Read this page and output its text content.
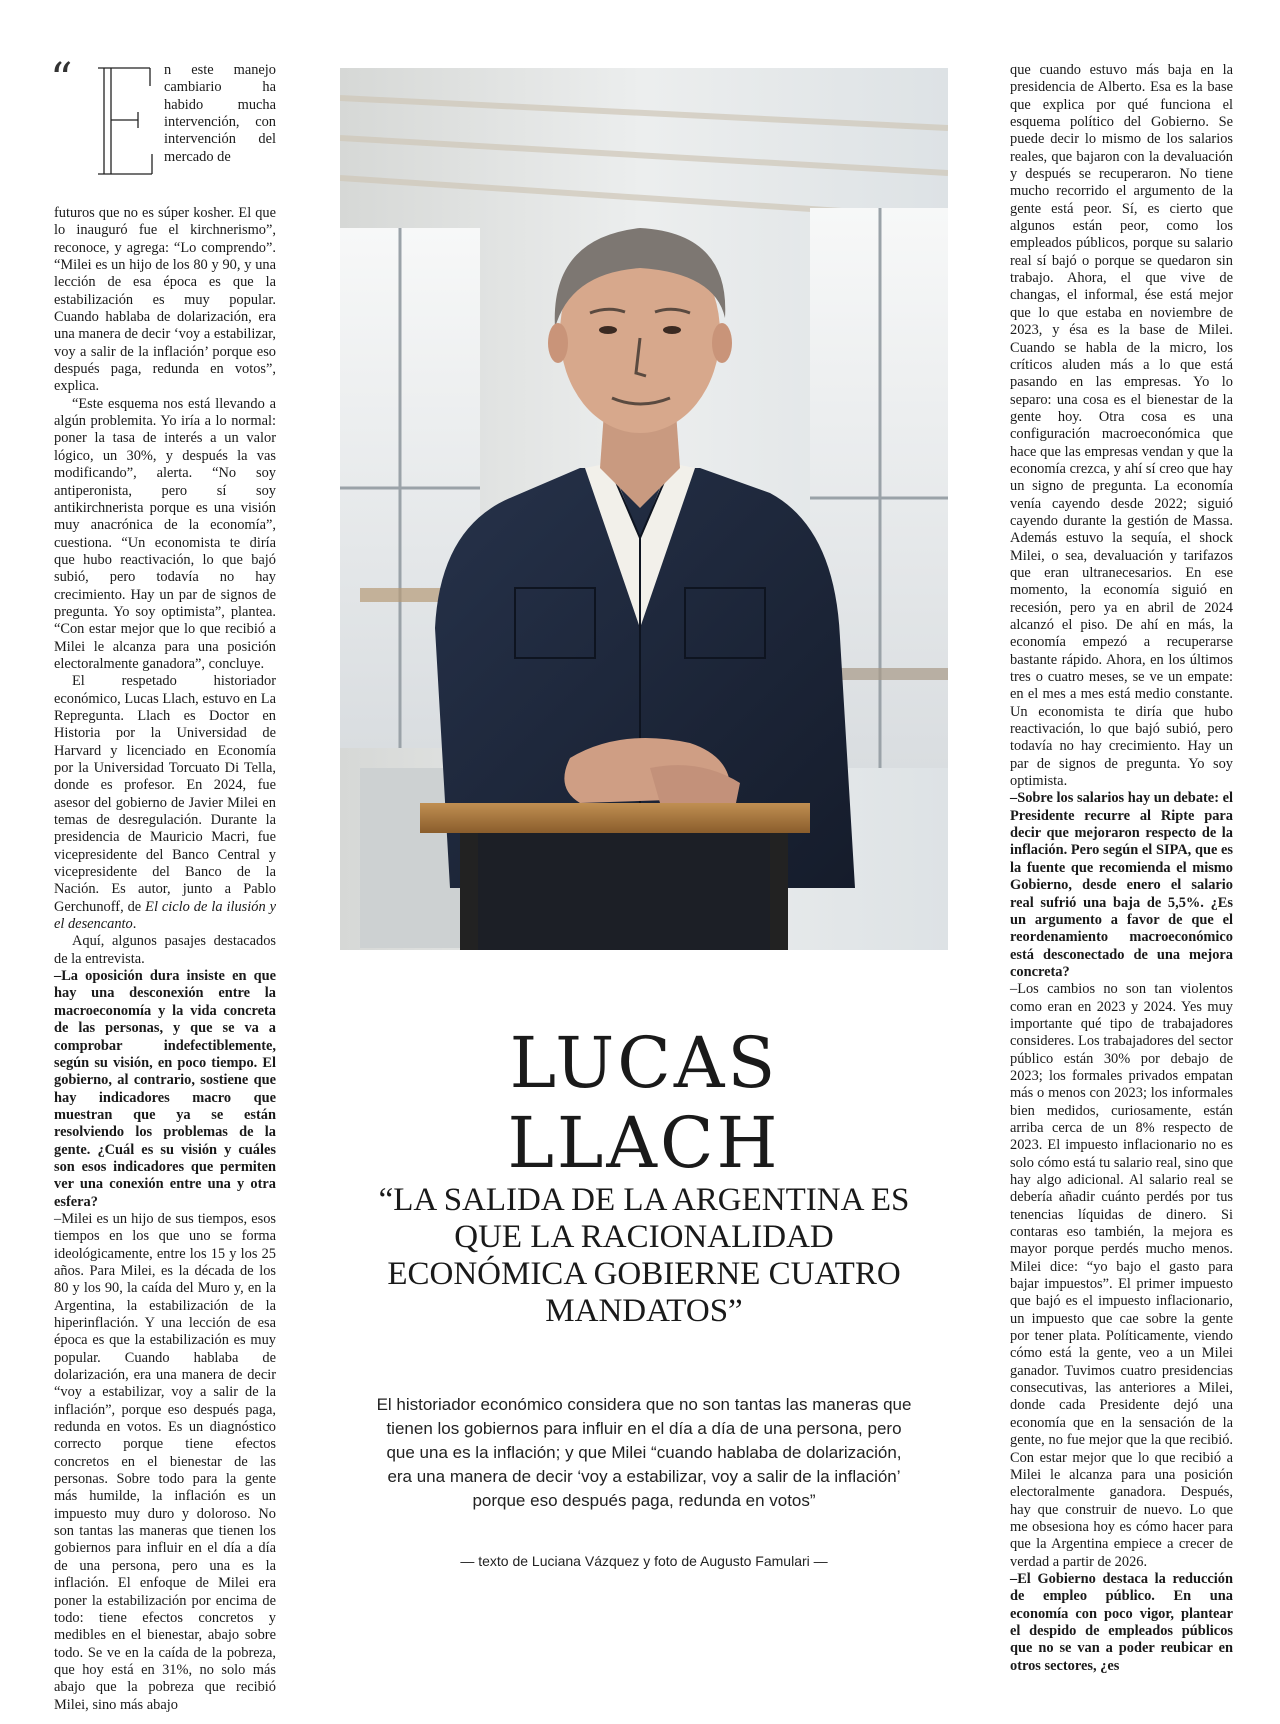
“	E	n este manejo cambiario ha habido mucha intervención, con intervención del mercado de

futuros que no es súper kosher. El que lo inauguró fue el kirchnerismo”, reconoce, y agrega: “Lo comprendo”. “Milei es un hijo de los 80 y 90, y una lección de esa época es que la estabilización es muy popular. Cuando hablaba de dolarización, era una manera de decir ‘voy a estabilizar, voy a salir de la inflación’ porque eso después paga, redunda en votos”, explica.

“Este esquema nos está llevando a algún problemita. Yo iría a lo normal: poner la tasa de interés a un valor lógico, un 30%, y después la vas modificando”, alerta. “No soy antiperonista, pero sí soy antikirchnerista porque es una visión muy anacrónica de la economía”, cuestiona. “Un economista te diría que hubo reactivación, lo que bajó subió, pero todavía no hay crecimiento. Hay un par de signos de pregunta. Yo soy optimista”, plantea. “Con estar mejor que lo que recibió a Milei le alcanza para una posición electoralmente ganadora”, concluye.

El respetado historiador económico, Lucas Llach, estuvo en La Repregunta. Llach es Doctor en Historia por la Universidad de Harvard y licenciado en Economía por la Universidad Torcuato Di Tella, donde es profesor. En 2024, fue asesor del gobierno de Javier Milei en temas de desregulación. Durante la presidencia de Mauricio Macri, fue vicepresidente del Banco Central y vicepresidente del Banco de la Nación. Es autor, junto a Pablo Gerchunoff, de El ciclo de la ilusión y el desencanto.

Aquí, algunos pasajes destacados de la entrevista.

–La oposición dura insiste en que hay una desconexión entre la macroeconomía y la vida concreta de las personas, y que se va a comprobar indefectiblemente, según su visión, en poco tiempo. El gobierno, al contrario, sostiene que hay indicadores macro que muestran que ya se están resolviendo los problemas de la gente. ¿Cuál es su visión y cuáles son esos indicadores que permiten ver una conexión entre una y otra esfera?

–Milei es un hijo de sus tiempos, esos tiempos en los que uno se forma ideológicamente, entre los 15 y los 25 años. Para Milei, es la década de los 80 y los 90, la caída del Muro y, en la Argentina, la estabilización de la hiperinflación. Y una lección de esa época es que la estabilización es muy popular. Cuando hablaba de dolarización, era una manera de decir “voy a estabilizar, voy a salir de la inflación”, porque eso después paga, redunda en votos. Es un diagnóstico correcto porque tiene efectos concretos en el bienestar de las personas. Sobre todo para la gente más humilde, la inflación es un impuesto muy duro y doloroso. No son tantas las maneras que tienen los gobiernos para influir en el día a día de una persona, pero una es la inflación. El enfoque de Milei era poner la estabilización por encima de todo: tiene efectos concretos y medibles en el bienestar, abajo sobre todo. Se ve en la caída de la pobreza, que hoy está en 31%, no solo más abajo que la pobreza que recibió Milei, sino más abajo

LUCAS
LLACH
“LA SALIDA DE LA ARGENTINA ES QUE LA RACIONALIDAD ECONÓMICA GOBIERNE CUATRO MANDATOS”
El historiador económico considera que no son tantas las maneras que tienen los gobiernos para influir en el día a día de una persona, pero que una es la inflación; y que Milei “cuando hablaba de dolarización, era una manera de decir ‘voy a estabilizar, voy a salir de la inflación’ porque eso después paga, redunda en votos”
— texto de Luciana Vázquez y foto de Augusto Famulari —

que cuando estuvo más baja en la presidencia de Alberto. Esa es la base que explica por qué funciona el esquema político del Gobierno. Se puede decir lo mismo de los salarios reales, que bajaron con la devaluación y después se recuperaron. No tiene mucho recorrido el argumento de la gente está peor. Sí, es cierto que algunos están peor, como los empleados públicos, porque su salario real sí bajó o porque se quedaron sin trabajo. Ahora, el que vive de changas, el informal, ése está mejor que lo que estaba en noviembre de 2023, y ésa es la base de Milei. Cuando se habla de la micro, los críticos aluden más a lo que está pasando en las empresas. Yo lo separo: una cosa es el bienestar de la gente hoy. Otra cosa es una configuración macroeconómica que hace que las empresas vendan y que la economía crezca, y ahí sí creo que hay un signo de pregunta. La economía venía cayendo desde 2022; siguió cayendo durante la gestión de Massa. Además estuvo la sequía, el shock Milei, o sea, devaluación y tarifazos que eran ultranecesarios. En ese momento, la economía siguió en recesión, pero ya en abril de 2024 alcanzó el piso. De ahí en más, la economía empezó a recuperarse bastante rápido. Ahora, en los últimos tres o cuatro meses, se ve un empate: en el mes a mes está medio constante. Un economista te diría que hubo reactivación, lo que bajó subió, pero todavía no hay crecimiento. Hay un par de signos de pregunta. Yo soy optimista.

–Sobre los salarios hay un debate: el Presidente recurre al Ripte para decir que mejoraron respecto de la inflación. Pero según el SIPA, que es la fuente que recomienda el mismo Gobierno, desde enero el salario real sufrió una baja de 5,5%. ¿Es un argumento a favor de que el reordenamiento macroeconómico está desconectado de una mejora concreta?

–Los cambios no son tan violentos como eran en 2023 y 2024. Yes muy importante qué tipo de trabajadores consideres. Los trabajadores del sector público están 30% por debajo de 2023; los formales privados empatan más o menos con 2023; los informales bien medidos, curiosamente, están arriba cerca de un 8% respecto de 2023. El impuesto inflacionario no es solo cómo está tu salario real, sino que hay algo adicional. Al salario real se debería añadir cuánto perdés por tus tenencias líquidas de dinero. Si contaras eso también, la mejora es mayor porque perdés mucho menos. Milei dice: “yo bajo el gasto para bajar impuestos”. El primer impuesto que bajó es el impuesto inflacionario, un impuesto que cae sobre la gente por tener plata. Políticamente, viendo cómo está la gente, veo a un Milei ganador. Tuvimos cuatro presidencias consecutivas, las anteriores a Milei, donde cada Presidente dejó una economía que en la sensación de la gente, no fue mejor que la que recibió. Con estar mejor que lo que recibió a Milei le alcanza para una posición electoralmente ganadora. Después, hay que construir de nuevo. Lo que me obsesiona hoy es cómo hacer para que la Argentina empiece a crecer de verdad a partir de 2026.

–El Gobierno destaca la reducción de empleo público. En una economía con poco vigor, plantear el despido de empleados públicos que no se van a poder reubicar en otros sectores, ¿es
